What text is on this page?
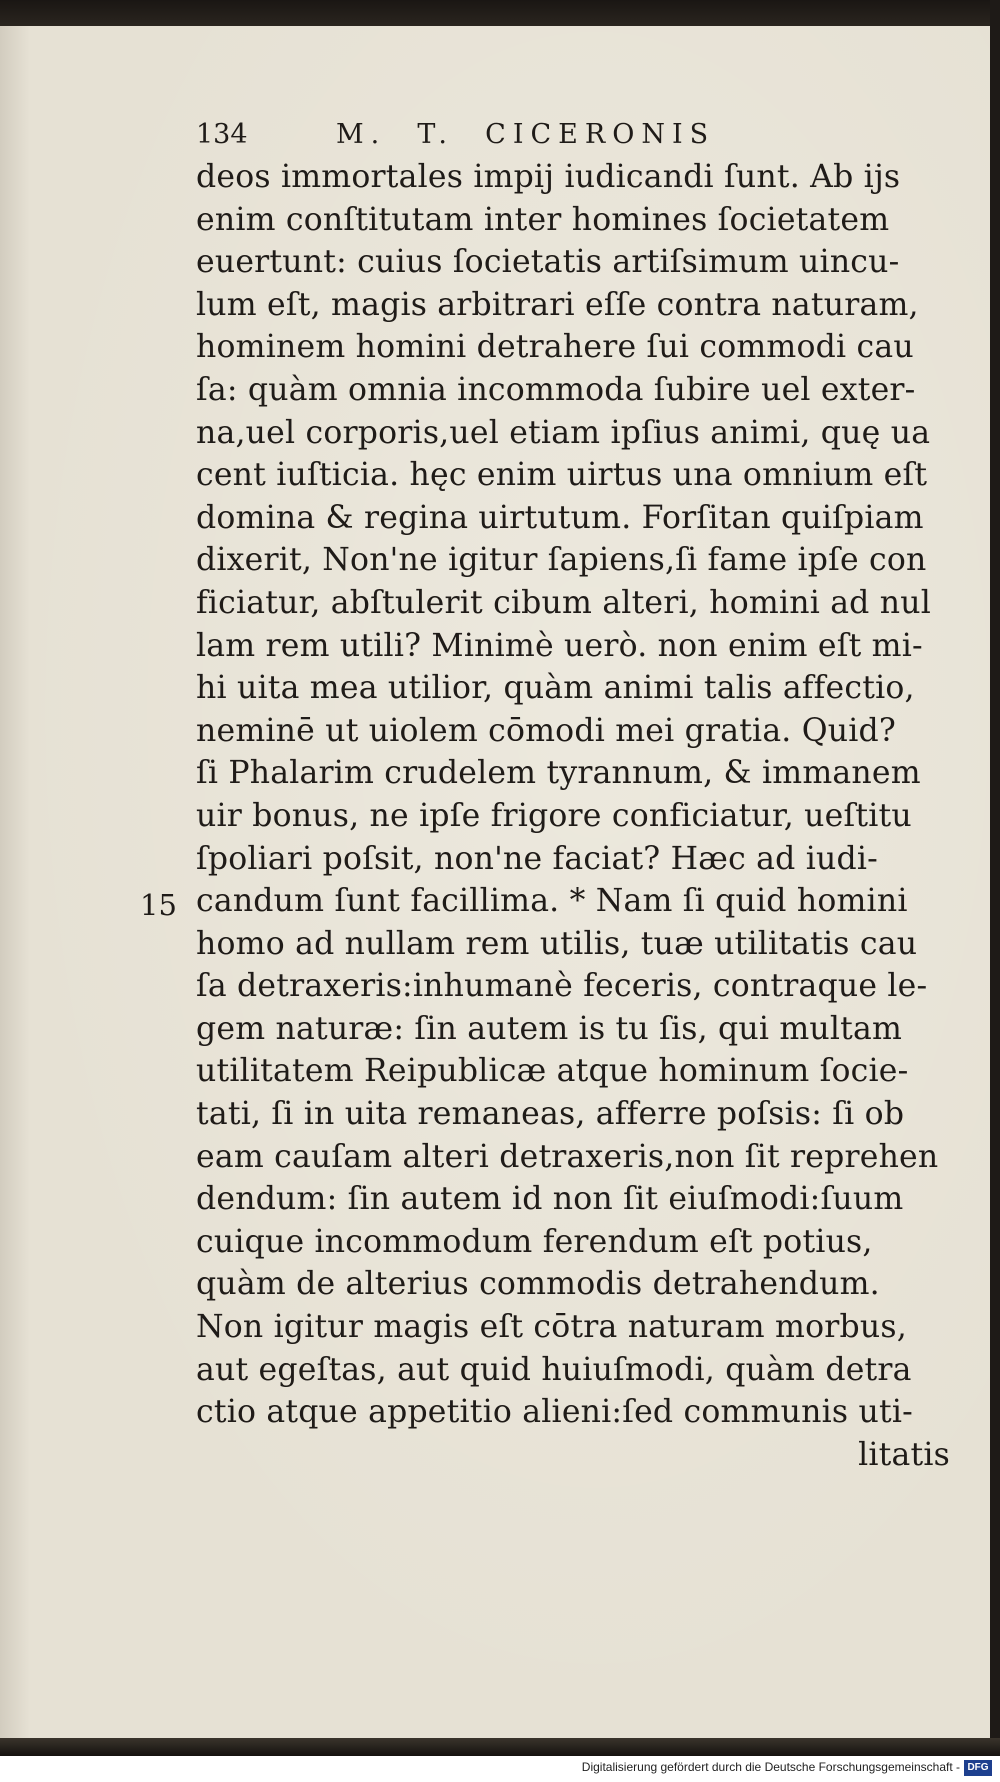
134	M.  T.  CICERONIS
deos immortales impij iudicandi ſunt. Ab ijs
enim conſtitutam inter homines ſocietatem
euertunt: cuius ſocietatis artiſsimum uincu-
lum eſt, magis arbitrari eſſe contra naturam,
hominem homini detrahere ſui commodi cau
ſa: quàm omnia incommoda ſubire uel exter-
na,uel corporis,uel etiam ipſius animi, quę ua
cent iuſticia. hęc enim uirtus una omnium eſt
domina & regina uirtutum. Forſitan quiſpiam
dixerit, Non'ne igitur ſapiens,ſi fame ipſe con
ficiatur, abſtulerit cibum alteri, homini ad nul
lam rem utili? Minimè uerò. non enim eſt mi-
hi uita mea utilior, quàm animi talis affectio,
neminē ut uiolem cōmodi mei gratia. Quid?
ſi Phalarim crudelem tyrannum, & immanem
uir bonus, ne ipſe frigore conficiatur, ueſtitu
ſpoliari poſsit, non'ne faciat? Hæc ad iudi-
candum ſunt facillima. * Nam ſi quid homini
homo ad nullam rem utilis, tuæ utilitatis cau
ſa detraxeris:inhumanè feceris, contraque le-
gem naturæ: ſin autem is tu ſis, qui multam
utilitatem Reipublicæ atque hominum ſocie-
tati, ſi in uita remaneas, afferre poſsis: ſi ob
eam cauſam alteri detraxeris,non ſit reprehen
dendum: ſin autem id non ſit eiuſmodi:ſuum
cuique incommodum ferendum eſt potius,
quàm de alterius commodis detrahendum.
Non igitur magis eſt cōtra naturam morbus,
aut egeſtas, aut quid huiuſmodi, quàm detra
ctio atque appetitio alieni:ſed communis uti-
litatis
15
Digitalisierung gefördert durch die Deutsche Forschungsgemeinschaft - DFG
